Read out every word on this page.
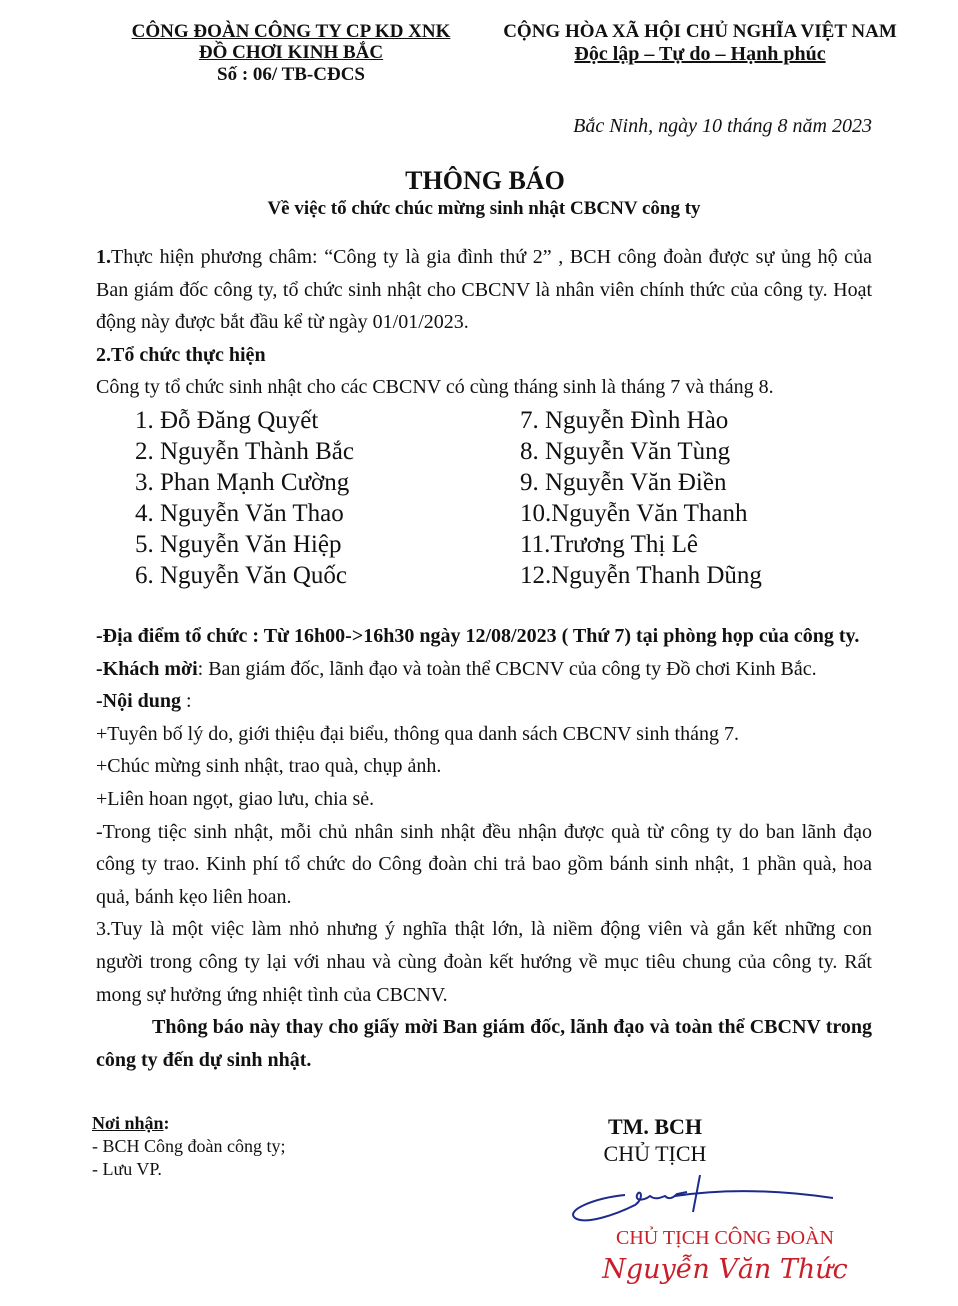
CÔNG ĐOÀN CÔNG TY CP KD XNK
ĐỒ CHƠI KINH BẮC
Số : 06/ TB-CĐCS
CỘNG HÒA XÃ HỘI CHỦ NGHĨA VIỆT NAM
Độc lập – Tự do – Hạnh phúc
Bắc Ninh, ngày 10 tháng 8 năm 2023
THÔNG BÁO
Về việc tổ chức chúc mừng sinh nhật CBCNV công ty

1.Thực hiện phương châm: “Công ty là gia đình thứ 2” , BCH công đoàn được sự ủng hộ của Ban giám đốc công ty, tổ chức sinh nhật cho CBCNV là nhân viên chính thức của công ty. Hoạt động này được bắt đầu kể từ ngày 01/01/2023.

2.Tổ chức thực hiện

Công ty tổ chức sinh nhật cho các CBCNV có cùng tháng sinh là tháng 7 và tháng 8.

1. Đỗ Đăng Quyết
2. Nguyễn Thành Bắc
3. Phan Mạnh Cường
4. Nguyễn Văn Thao
5. Nguyễn Văn Hiệp
6. Nguyễn Văn Quốc
7. Nguyễn Đình Hào
8. Nguyễn Văn Tùng
9. Nguyễn Văn Điền
10.Nguyễn Văn Thanh
11.Trương Thị Lê
12.Nguyễn Thanh Dũng

-Địa điểm tổ chức : Từ 16h00->16h30 ngày 12/08/2023 ( Thứ 7) tại phòng họp của công ty.

-Khách mời: Ban giám đốc, lãnh đạo và toàn thể CBCNV của công ty Đồ chơi Kinh Bắc.

-Nội dung :

+Tuyên bố lý do, giới thiệu đại biểu, thông qua danh sách CBCNV sinh tháng 7.

+Chúc mừng sinh nhật, trao quà, chụp ảnh.

+Liên hoan ngọt, giao lưu, chia sẻ.

-Trong tiệc sinh nhật, mỗi chủ nhân sinh nhật đều nhận được quà từ công ty do ban lãnh đạo công ty trao. Kinh phí tổ chức do Công đoàn chi trả bao gồm bánh sinh nhật, 1 phần quà, hoa quả, bánh kẹo liên hoan.

3.Tuy là một việc làm nhỏ nhưng ý nghĩa thật lớn, là niềm động viên và gắn kết những con người trong công ty lại với nhau và cùng đoàn kết hướng về mục tiêu chung của công ty. Rất mong sự hưởng ứng nhiệt tình của CBCNV.

Thông báo này thay cho giấy mời Ban giám đốc, lãnh đạo và toàn thể CBCNV trong công ty đến dự sinh nhật.

Nơi nhận:
- BCH Công đoàn công ty;
- Lưu VP.
TM. BCH
CHỦ TỊCH
CHỦ TỊCH CÔNG ĐOÀN
Nguyễn Văn Thức
